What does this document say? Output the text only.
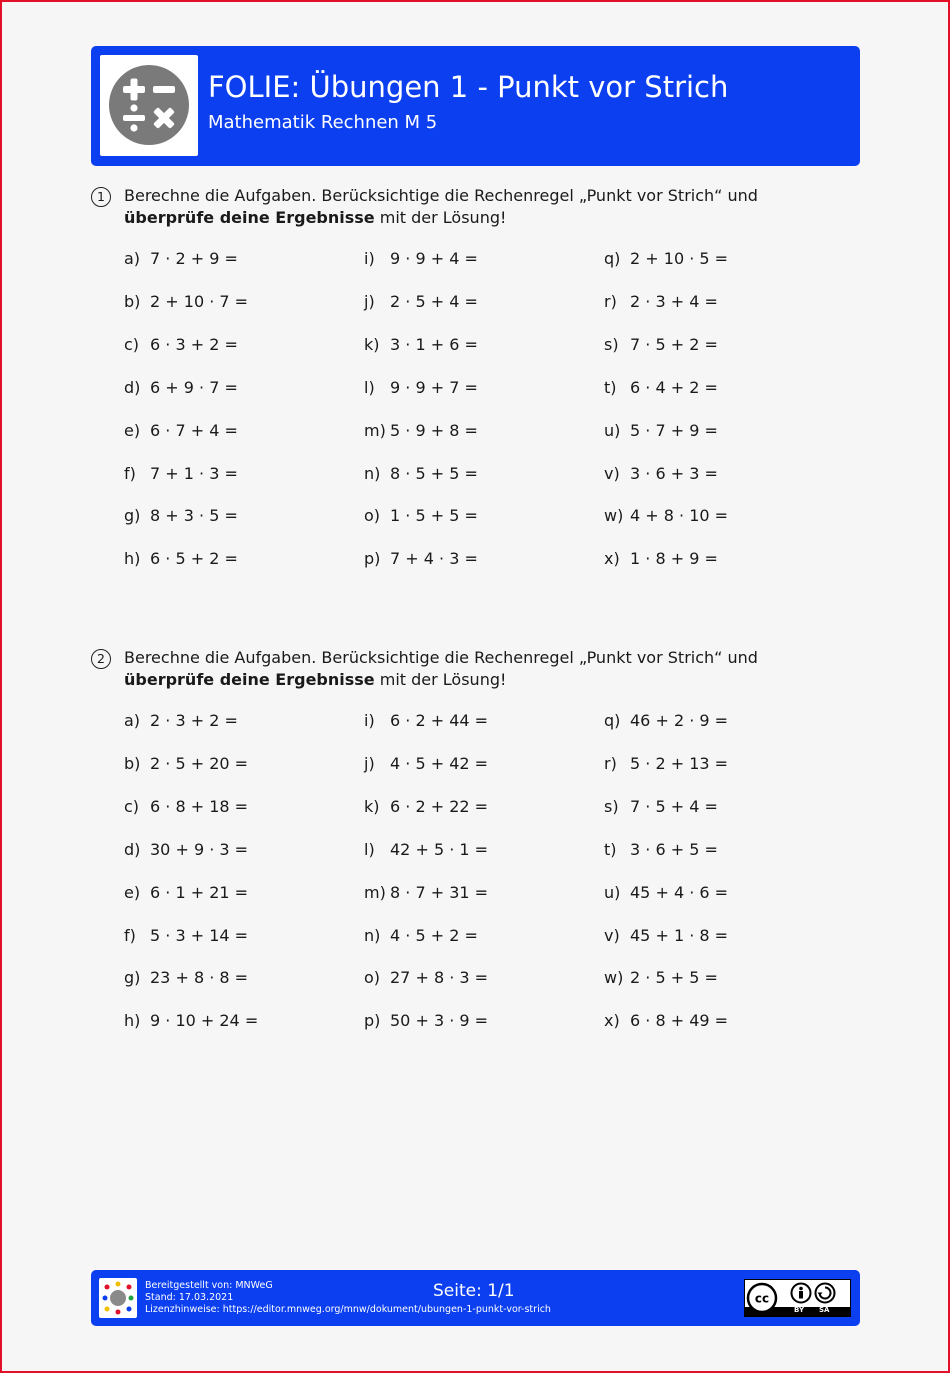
FOLIE: Übungen 1 - Punkt vor Strich
Mathematik Rechnen M 5
1	Berechne die Aufgaben. Berücksichtige die Rechenregel „Punkt vor Strich“ und überprüfe deine Ergebnisse mit der Lösung!
a) 7 · 2 + 9 =
b) 2 + 10 · 7 =
c) 6 · 3 + 2 =
d) 6 + 9 · 7 =
e) 6 · 7 + 4 =
f) 7 + 1 · 3 =
g) 8 + 3 · 5 =
h) 6 · 5 + 2 =
i) 9 · 9 + 4 =
j) 2 · 5 + 4 =
k) 3 · 1 + 6 =
l) 9 · 9 + 7 =
m) 5 · 9 + 8 =
n) 8 · 5 + 5 =
o) 1 · 5 + 5 =
p) 7 + 4 · 3 =
q) 2 + 10 · 5 =
r) 2 · 3 + 4 =
s) 7 · 5 + 2 =
t) 6 · 4 + 2 =
u) 5 · 7 + 9 =
v) 3 · 6 + 3 =
w) 4 + 8 · 10 =
x) 1 · 8 + 9 =
2	Berechne die Aufgaben. Berücksichtige die Rechenregel „Punkt vor Strich“ und überprüfe deine Ergebnisse mit der Lösung!
a) 2 · 3 + 2 =
b) 2 · 5 + 20 =
c) 6 · 8 + 18 =
d) 30 + 9 · 3 =
e) 6 · 1 + 21 =
f) 5 · 3 + 14 =
g) 23 + 8 · 8 =
h) 9 · 10 + 24 =
i) 6 · 2 + 44 =
j) 4 · 5 + 42 =
k) 6 · 2 + 22 =
l) 42 + 5 · 1 =
m) 8 · 7 + 31 =
n) 4 · 5 + 2 =
o) 27 + 8 · 3 =
p) 50 + 3 · 9 =
q) 46 + 2 · 9 =
r) 5 · 2 + 13 =
s) 7 · 5 + 4 =
t) 3 · 6 + 5 =
u) 45 + 4 · 6 =
v) 45 + 1 · 8 =
w) 2 · 5 + 5 =
x) 6 · 8 + 49 =
Bereitgestellt von: MNWeG
Stand: 17.03.2021
Lizenzhinweise: https://editor.mnweg.org/mnw/dokument/ubungen-1-punkt-vor-strich
Seite: 1/1	cc
BY SA
